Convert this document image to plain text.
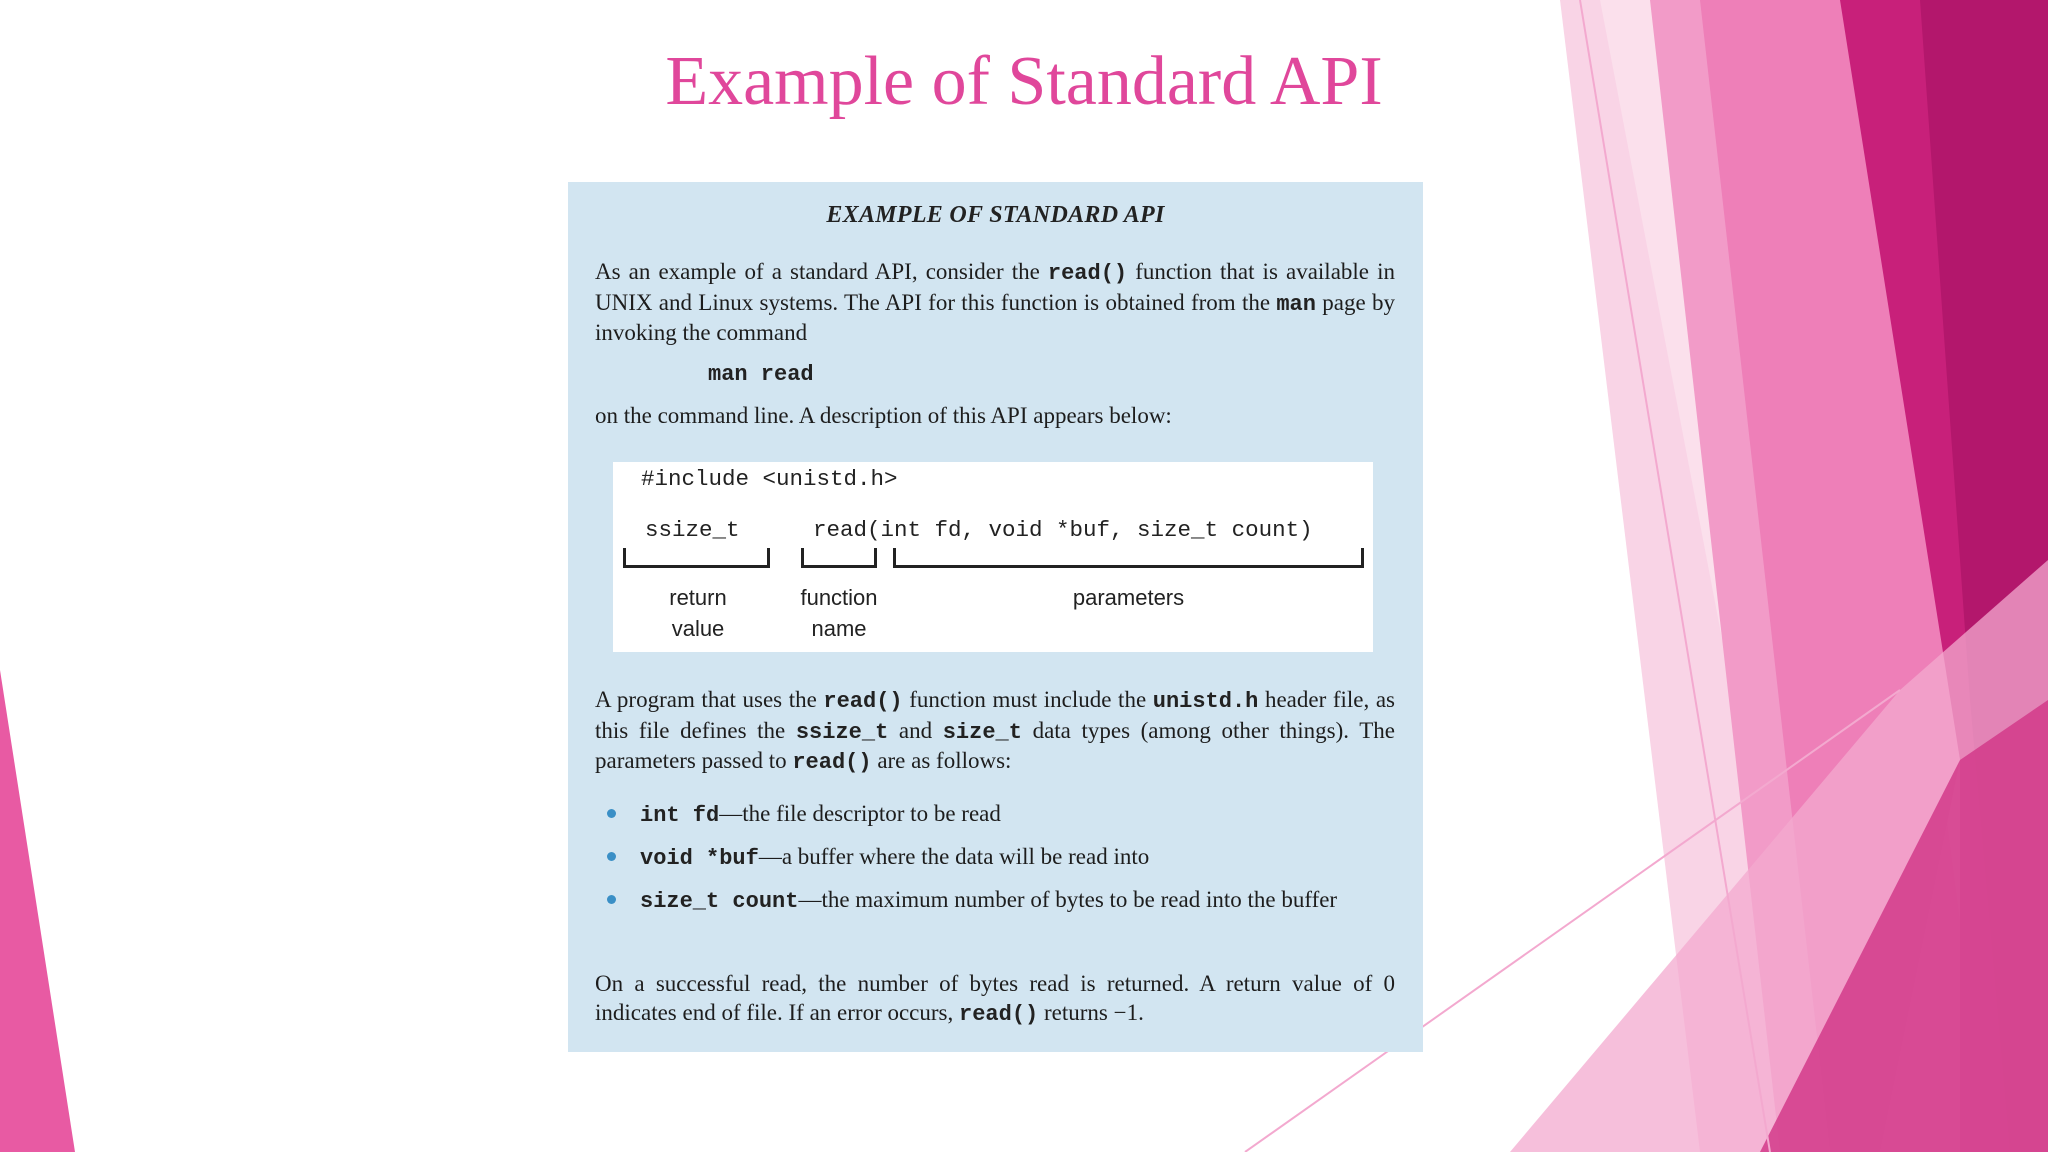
Example of Standard API
EXAMPLE OF STANDARD API
As an example of a standard API, consider the read() function that is available in UNIX and Linux systems. The API for this function is obtained from the man page by invoking the command
man read
on the command line. A description of this API appears below:
#include <unistd.h>
ssize_t	read(int fd, void *buf, size_t count)
return
value
function
name
parameters
A program that uses the read() function must include the unistd.h header file, as this file defines the ssize_t and size_t data types (among other things). The parameters passed to read() are as follows:
int fd—the file descriptor to be read
void *buf—a buffer where the data will be read into
size_t count—the maximum number of bytes to be read into the buffer
On a successful read, the number of bytes read is returned. A return value of 0 indicates end of file. If an error occurs, read() returns −1.
